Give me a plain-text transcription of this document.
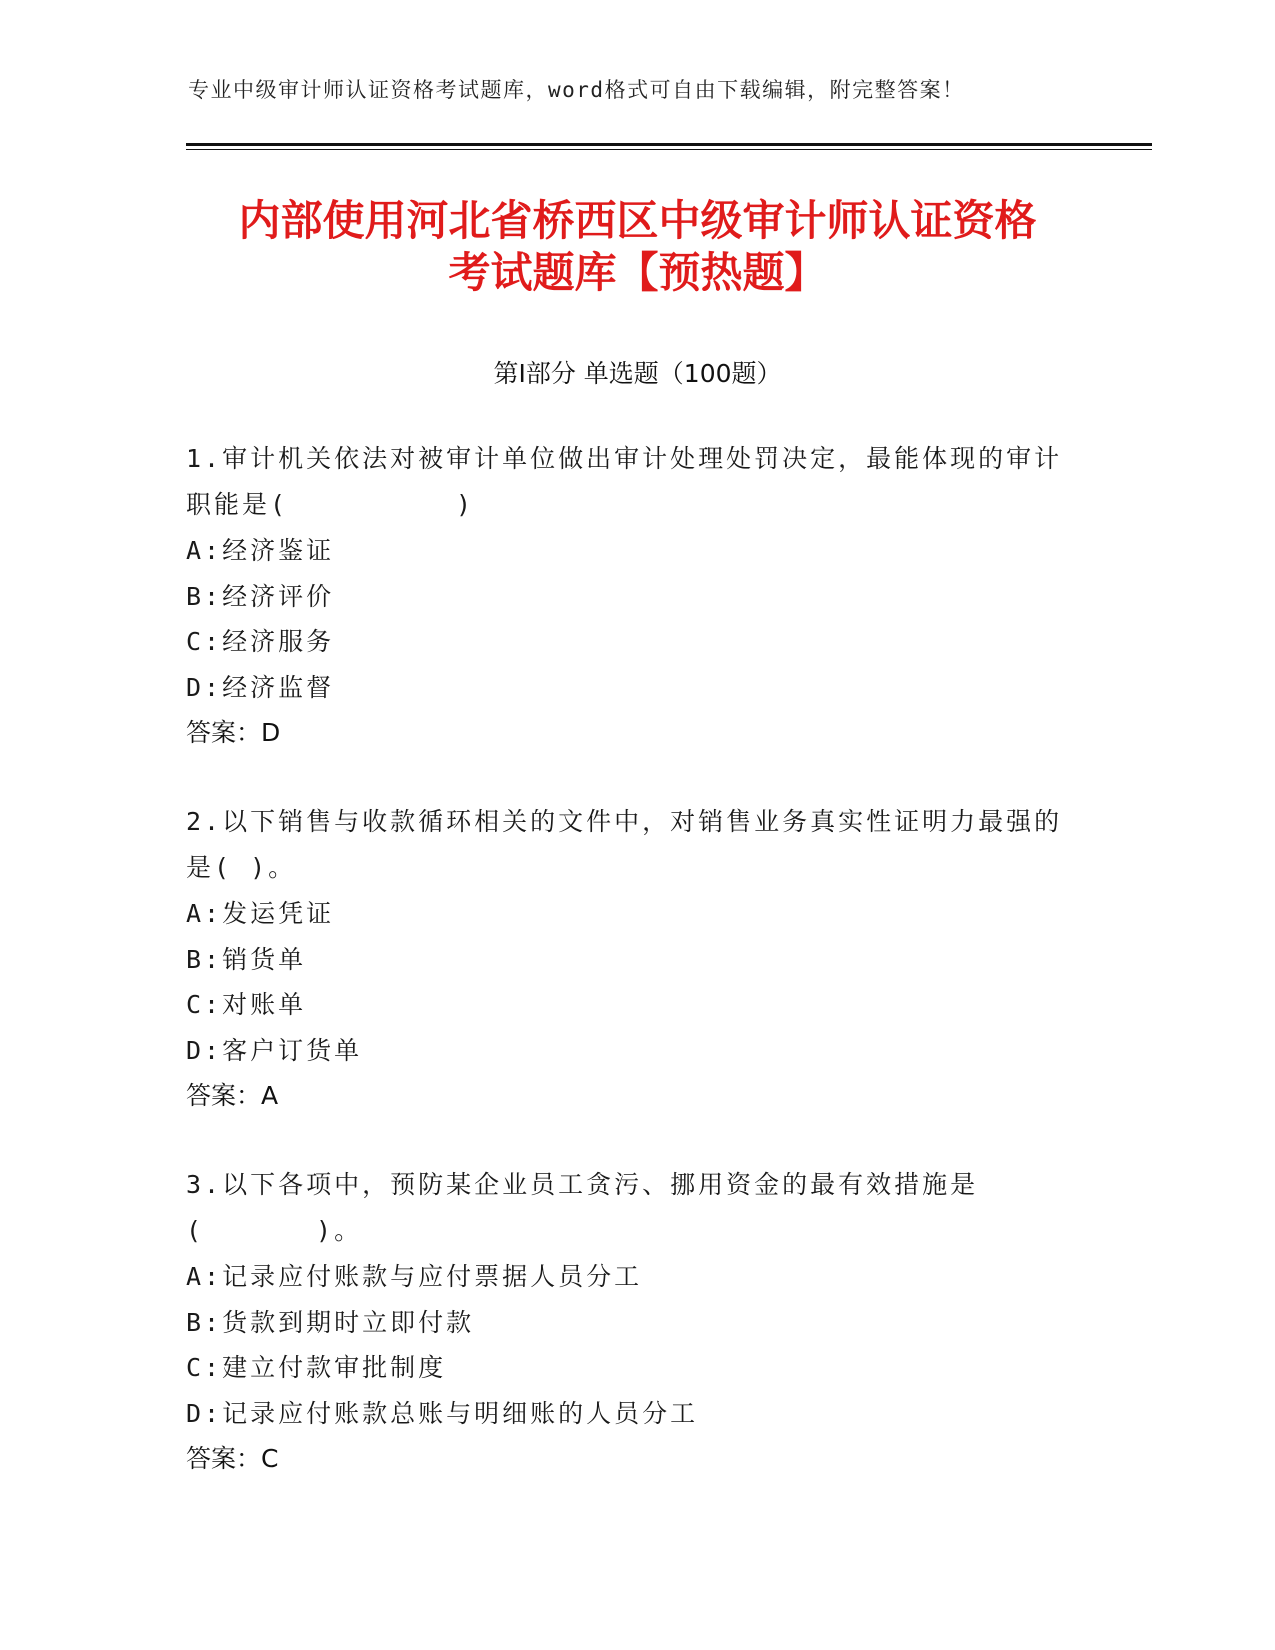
专业中级审计师认证资格考试题库，word格式可自由下载编辑，附完整答案！
内部使用河北省桥西区中级审计师认证资格
考试题库【预热题】
第Ⅰ部分 单选题（100题）
1.审计机关依法对被审计单位做出审计处理处罚决定，最能体现的审计职能是(　　　　　　)
A:经济鉴证
B:经济评价
C:经济服务
D:经济监督
答案：D
2.以下销售与收款循环相关的文件中，对销售业务真实性证明力最强的是( )。
A:发运凭证
B:销货单
C:对账单
D:客户订货单
答案：A
3.以下各项中，预防某企业员工贪污、挪用资金的最有效措施是(　　　　)。
A:记录应付账款与应付票据人员分工
B:货款到期时立即付款
C:建立付款审批制度
D:记录应付账款总账与明细账的人员分工
答案：C
